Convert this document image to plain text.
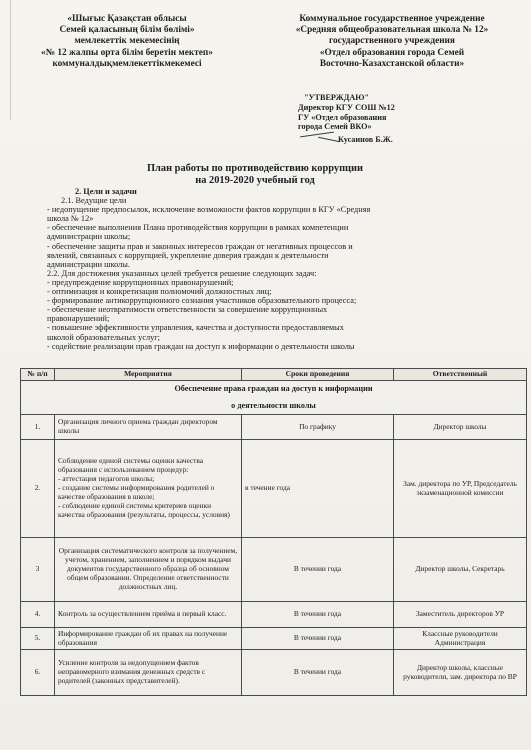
«Шығыс Қазақстан облысы
Семей қаласының білім бөлімі»
мемлекеттік мекемесінің
«№ 12 жалпы орта білім беретін мектеп»
коммуналдықмемлекеттікмекемесі
Коммунальное государственное учреждение
«Средняя общеобразовательная школа № 12»
государственного учреждения
«Отдел образования города Семей
Восточно-Казахстанской области»
"УТВЕРЖДАЮ"
Директор КГУ СОШ №12
ГУ «Отдел образования
города Семей ВКО»
Кусаинов Б.Ж.
План работы по противодействию коррупции
на 2019-2020 учебный год
2. Цели и задачи
2.1. Ведущие цели
- недопущение предпосылок, исключение возможности фактов коррупции в КГУ «Средняя
школа № 12»
- обеспечение выполнения Плана противодействия коррупции в рамках компетенции
администрации школы;
- обеспечение защиты прав и законных интересов граждан от негативных процессов и
явлений, связанных с коррупцией, укрепление доверия граждан к деятельности
администрации школы.
2.2. Для достижения указанных целей требуется решение следующих задач:
- предупреждение коррупционных правонарушений;
- оптимизация и конкретизация полномочий должностных лиц;
- формирование антикоррупционного сознания участников образовательного процесса;
- обеспечение неотвратимости ответственности за совершение коррупционных
правонарушений;
- повышение эффективности управления, качества и доступности предоставляемых
школой образовательных услуг;
- содействие реализации прав граждан на доступ к информации о деятельности школы
№ п/п	Мероприятия	Сроки проведения	Ответственный

Обеспечение права граждан на доступ к информации
о деятельности школы			

1.	Организация личного приема граждан директором школы	По графику	Директор школы
2.	Соблюдение единой системы оценки качества образования с использованием процедур:
- аттестация педагогов школы;
- создание системы информирования родителей о качестве образования в школе;
- соблюдение единой системы критериев оценки качества образования (результаты, процессы, условия)	в течение года	Зам. директора по УР, Председатель экзаменационной комиссии
3	Организация систематического контроля за получением, учетом, хранением, заполнением и порядком выдачи документов государственного образца об основном общем образовании. Определение ответственности должностных лиц.	В течении года	Директор школы, Секретарь
4.	Контроль за осуществлением приёма в первый класс.	В течении года	Заместитель директоров УР
5.	Информирование граждан об их правах на получение образования	В течении года	Классные руководители Администрация
6.	Усиление контроля за недопущением фактов неправомерного взимания денежных средств с родителей (законных представителей).	В течении года	Директор школы, классные руководители, зам. директора по ВР
